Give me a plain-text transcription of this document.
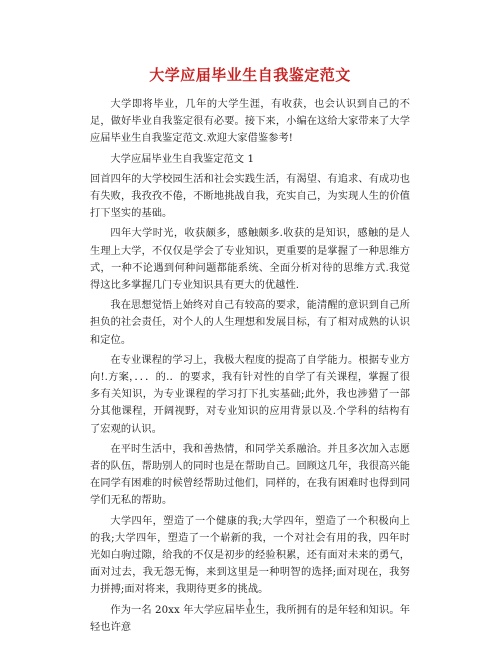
大学应届毕业生自我鉴定范文

大学即将毕业，几年的大学生涯，有收获，也会认识到自己的不足，做好毕业自我鉴定很有必要。接下来，小编在这给大家带来了大学应届毕业生自我鉴定范文.欢迎大家借鉴参考!

大学应届毕业生自我鉴定范文 1

回首四年的大学校园生活和社会实践生活，有渴望、有追求、有成功也有失败，我孜孜不倦，不断地挑战自我，充实自己，为实现人生的价值打下坚实的基础。

四年大学时光，收获颇多，感触颇多.收获的是知识，感触的是人生理上大学，不仅仅是学会了专业知识，更重要的是掌握了一种思维方式，一种不论遇到何种问题都能系统、全面分析对待的思维方式.我觉得这比多掌握几门专业知识具有更大的优越性.

我在思想觉悟上始终对自己有较高的要求，能清醒的意识到自己所担负的社会责任，对个人的人生理想和发展目标，有了相对成熟的认识和定位。

在专业课程的学习上，我极大程度的提高了自学能力。根据专业方向!.方案，．．．的.．的要求，我有针对性的自学了有关课程，掌握了很多有关知识，为专业课程的学习打下扎实基础;此外，我也涉猎了一部分其他课程，开阔视野，对专业知识的应用背景以及.个学科的结构有了宏观的认识。

在平时生活中，我和善热情，和同学关系融洽。并且多次加入志愿者的队伍，帮助别人的同时也是在帮助自己。回顾这几年，我很高兴能在同学有困难的时候曾经帮助过他们，同样的，在我有困难时也得到同学们无私的帮助。

大学四年，塑造了一个健康的我;大学四年，塑造了一个积极向上的我;大学四年，塑造了一个崭新的我，一个对社会有用的我，四年时光如白驹过隙，给我的不仅是初步的经验积累，还有面对未来的勇气，面对过去，我无怨无悔，来到这里是一种明智的选择;面对现在，我努力拼搏;面对将来，我期待更多的挑战。

作为一名 20xx 年大学应届毕业生，我所拥有的是年轻和知识。年轻也许意

1
